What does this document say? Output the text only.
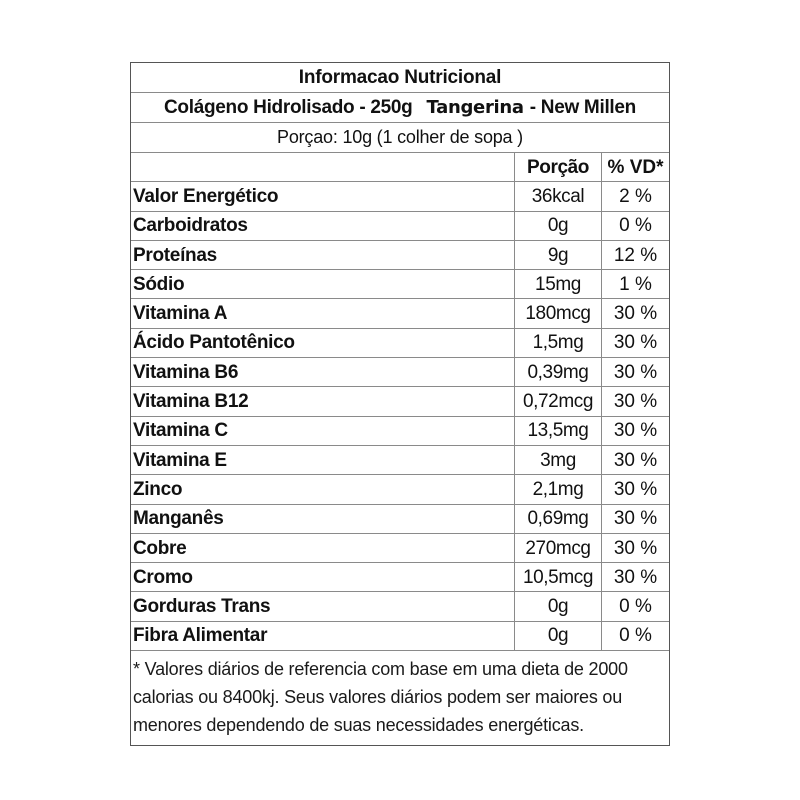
Informacao Nutricional
Colágeno Hidrolisado - 250g Tangerina - New Millen
Porçao: 10g (1 colher de sopa )
Porção % VD*
Valor Energético	36kcal	2 %
Carboidratos	0g	0 %
Proteínas	9g	12 %
Sódio	15mg	1 %
Vitamina A	180mcg	30 %
Ácido Pantotênico	1,5mg	30 %
Vitamina B6	0,39mg	30 %
Vitamina B12	0,72mcg	30 %
Vitamina C	13,5mg	30 %
Vitamina E	3mg	30 %
Zinco	2,1mg	30 %
Manganês	0,69mg	30 %
Cobre	270mcg	30 %
Cromo	10,5mcg	30 %
Gorduras Trans	0g	0 %
Fibra Alimentar	0g	0 %
* Valores diários de referencia com base em uma dieta de 2000
calorias ou 8400kj. Seus valores diários podem ser maiores ou
menores dependendo de suas necessidades energéticas.
